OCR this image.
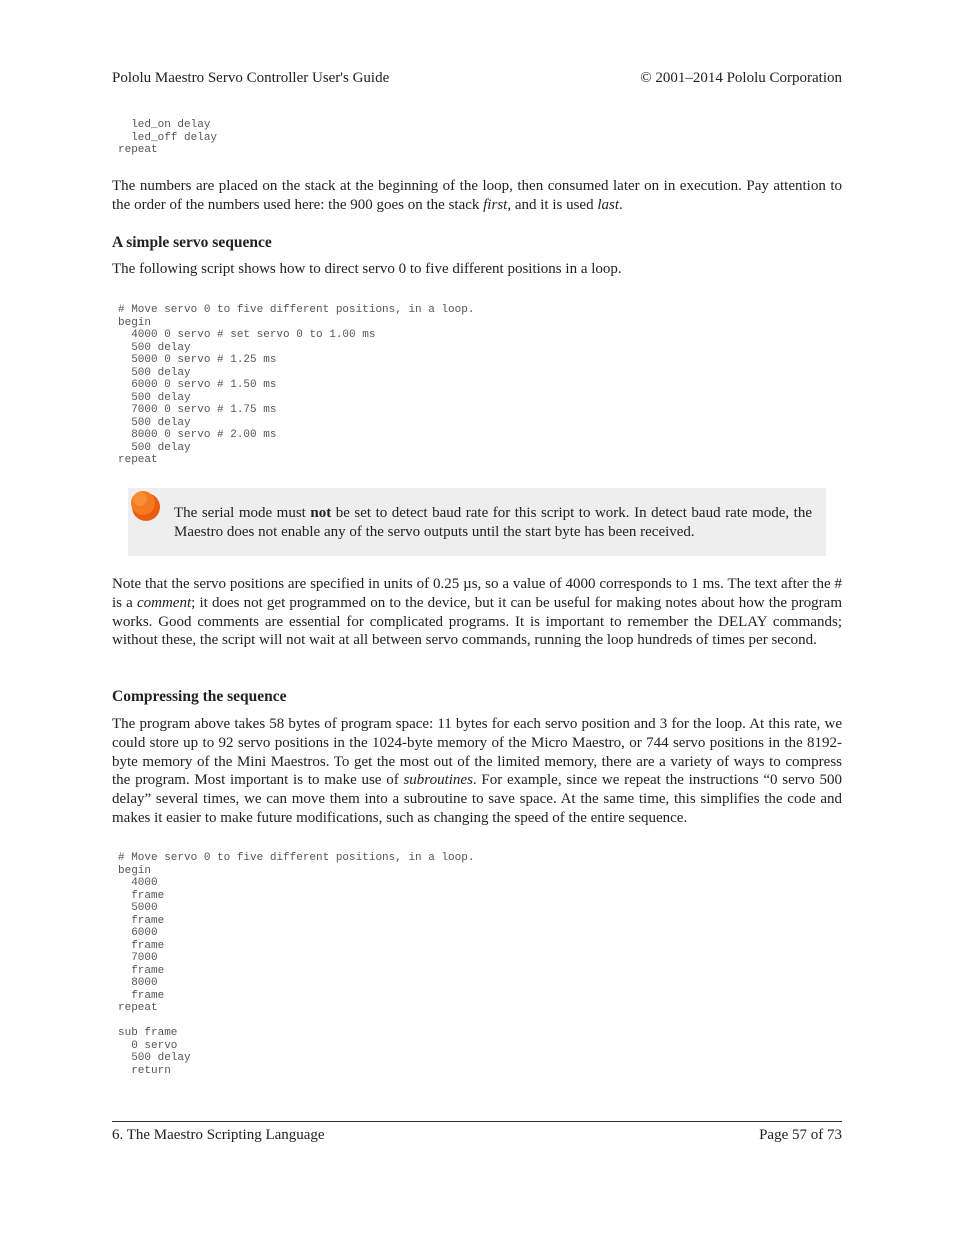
Pololu Maestro Servo Controller User's Guide	© 2001–2014 Pololu Corporation
led_on delay
led_off delay
repeat

The numbers are placed on the stack at the beginning of the loop, then consumed later on in execution. Pay attention to the order of the numbers used here: the 900 goes on the stack first, and it is used last.

A simple servo sequence

The following script shows how to direct servo 0 to five different positions in a loop.

# Move servo 0 to five different positions, in a loop.
begin
4000 0 servo # set servo 0 to 1.00 ms
500 delay
5000 0 servo # 1.25 ms
500 delay
6000 0 servo # 1.50 ms
500 delay
7000 0 servo # 1.75 ms
500 delay
8000 0 servo # 2.00 ms
500 delay
repeat
The serial mode must not be set to detect baud rate for this script to work. In detect baud rate mode, the Maestro does not enable any of the servo outputs until the start byte has been received.

Note that the servo positions are specified in units of 0.25 µs, so a value of 4000 corresponds to 1 ms. The text after the # is a comment; it does not get programmed on to the device, but it can be useful for making notes about how the program works. Good comments are essential for complicated programs. It is important to remember the DELAY commands; without these, the script will not wait at all between servo commands, running the loop hundreds of times per second.

Compressing the sequence

The program above takes 58 bytes of program space: 11 bytes for each servo position and 3 for the loop. At this rate, we could store up to 92 servo positions in the 1024-byte memory of the Micro Maestro, or 744 servo positions in the 8192-byte memory of the Mini Maestros. To get the most out of the limited memory, there are a variety of ways to compress the program. Most important is to make use of subroutines. For example, since we repeat the instructions “0 servo 500 delay” several times, we can move them into a subroutine to save space. At the same time, this simplifies the code and makes it easier to make future modifications, such as changing the speed of the entire sequence.

# Move servo 0 to five different positions, in a loop.
begin
4000
frame
5000
frame
6000
frame
7000
frame
8000
frame
repeat

sub frame
0 servo
500 delay
return
6. The Maestro Scripting Language	Page 57 of 73
